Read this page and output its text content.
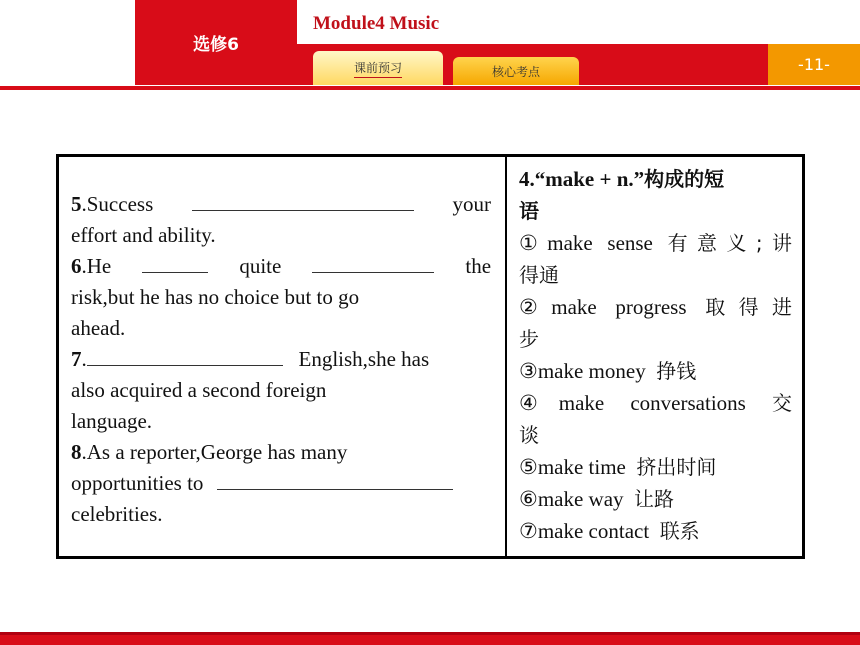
选修6
Module4 Music
-11-
课前预习	核心考点

5.Success	your

effort and ability.

6.He	quite	the

risk,but he has no choice but to go

ahead.

7.	English,she has

also acquired a second foreign

language.

8.As a reporter,George has many

opportunities to

celebrities.

4.“make + n.”构成的短

语

①make sense 有意义;讲

得通

②make progress 取得进

步

③make money 挣钱

④make conversations 交

谈

⑤make time 挤出时间

⑥make way 让路

⑦make contact 联系
